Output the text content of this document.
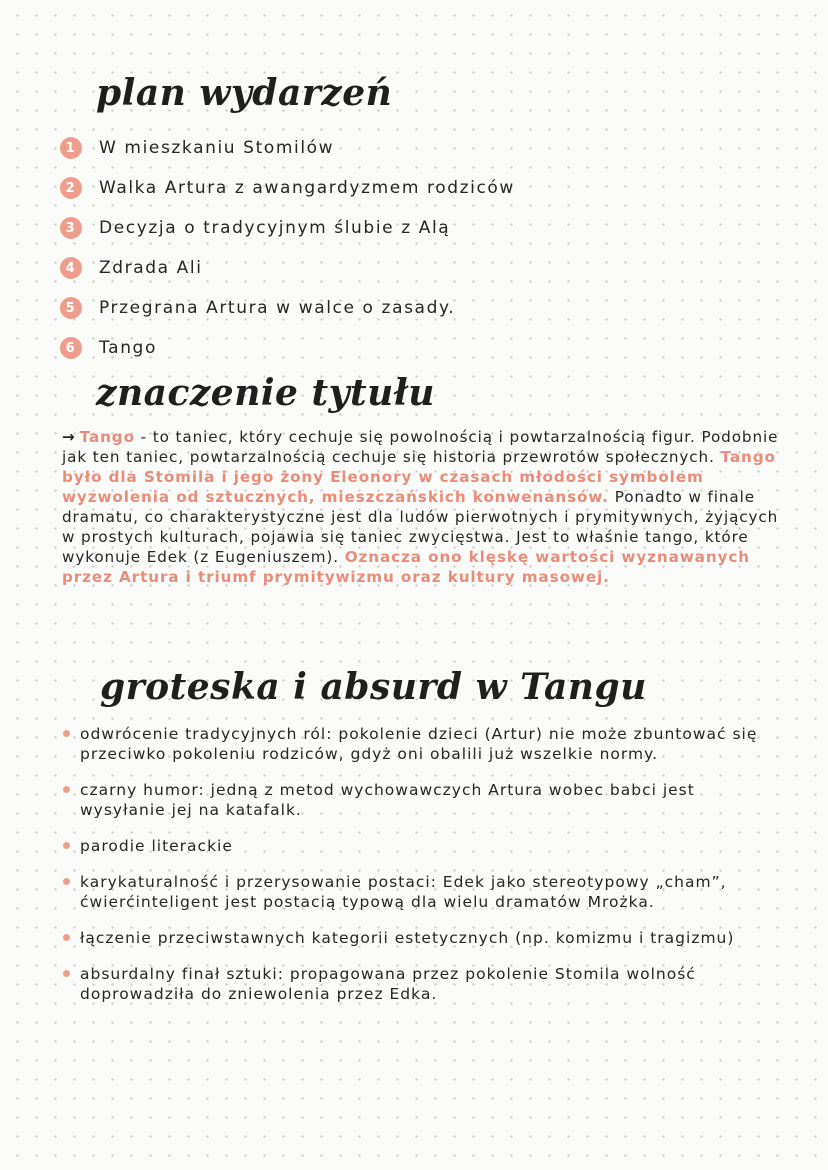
plan wydarzeń
1	W mieszkaniu Stomilów
2	Walka Artura z awangardyzmem rodziców
3	Decyzja o tradycyjnym ślubie z Alą
4	Zdrada Ali
5	Przegrana Artura w walce o zasady.
6	Tango
znaczenie tytułu
→ Tango - to taniec, który cechuje się powolnością i powtarzalnością figur. Podobnie jak ten taniec, powtarzalnością cechuje się historia przewrotów społecznych. Tango było dla Stomila i jego żony Eleonory w czasach młodości symbolem wyzwolenia od sztucznych, mieszczańskich konwenansów. Ponadto w finale dramatu, co charakterystyczne jest dla ludów pierwotnych i prymitywnych, żyjących w prostych kulturach, pojawia się taniec zwycięstwa. Jest to właśnie tango, które wykonuje Edek (z Eugeniuszem). Oznacza ono klęskę wartości wyznawanych przez Artura i triumf prymitywizmu oraz kultury masowej.
groteska i absurd w Tangu
odwrócenie tradycyjnych ról: pokolenie dzieci (Artur) nie może zbuntować się przeciwko pokoleniu rodziców, gdyż oni obalili już wszelkie normy.
czarny humor: jedną z metod wychowawczych Artura wobec babci jest wysyłanie jej na katafalk.
parodie literackie
karykaturalność i przerysowanie postaci: Edek jako stereotypowy „cham”, ćwierćinteligent jest postacią typową dla wielu dramatów Mrożka.
łączenie przeciwstawnych kategorii estetycznych (np. komizmu i tragizmu)
absurdalny finał sztuki: propagowana przez pokolenie Stomila wolność doprowadziła do zniewolenia przez Edka.
